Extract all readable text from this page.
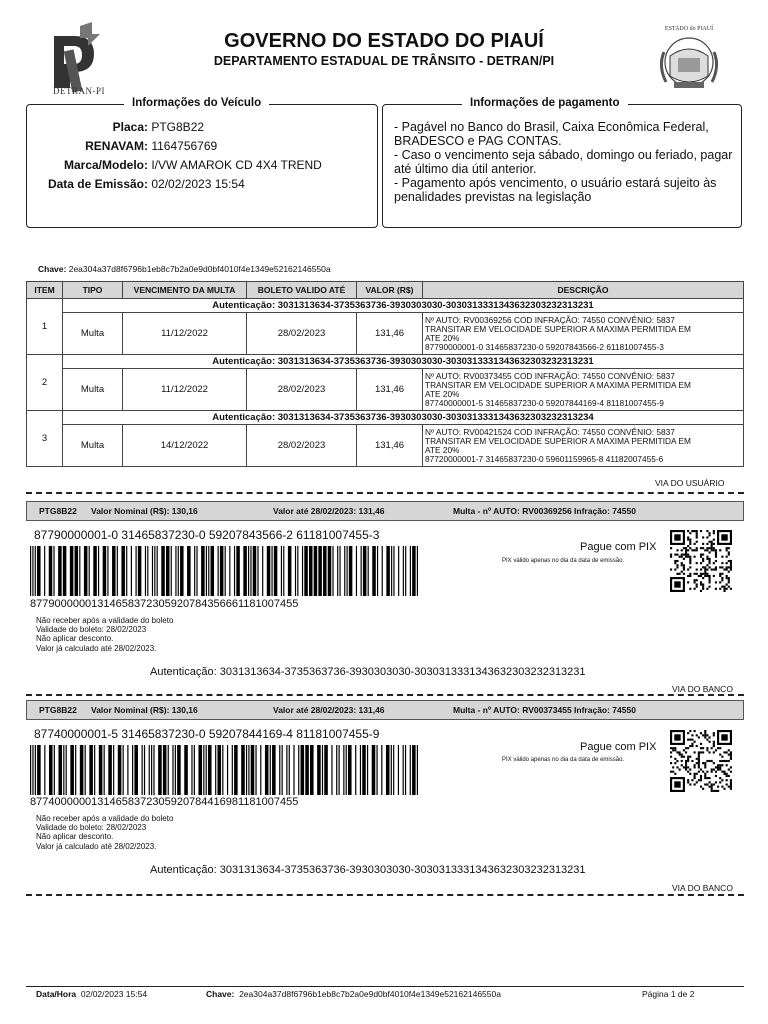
DETRAN-PI
GOVERNO DO ESTADO DO PIAUÍ
DEPARTAMENTO ESTADUAL DE TRÂNSITO - DETRAN/PI
ESTADO do PIAUÍ
Informações do Veículo
Placa: PTG8B22
RENAVAM: 1164756769
Marca/Modelo: I/VW AMAROK CD 4X4 TREND
Data de Emissão: 02/02/2023 15:54
Informações de pagamento
- Pagável no Banco do Brasil, Caixa Econômica Federal, BRADESCO e PAG CONTAS.
- Caso o vencimento seja sábado, domingo ou feriado, pagar até último dia útil anterior.
- Pagamento após vencimento, o usuário estará sujeito às penalidades previstas na legislação
Chave: 2ea304a37d8f6796b1eb8c7b2a0e9d0bf4010f4e1349e52162146550a
ITEM	TIPO	VENCIMENTO DA MULTA	BOLETO VALIDO ATÉ	VALOR (R$)	DESCRIÇÃO
1	Autenticação: 3031313634-3735363736-3930303030-3030313331343632303232313231				
	Multa	11/12/2022	28/02/2023	131,46	Nº AUTO: RV00369256 COD INFRAÇÃO: 74550 CONVÊNIO: 5837
TRANSITAR EM VELOCIDADE SUPERIOR A MAXIMA PERMITIDA EM
ATE 20%
87790000001-0 31465837230-0 59207843566-2 61181007455-3

2	Autenticação: 3031313634-3735363736-3930303030-3030313331343632303232313231				
	Multa	11/12/2022	28/02/2023	131,46	Nº AUTO: RV00373455 COD INFRAÇÃO: 74550 CONVÊNIO: 5837
TRANSITAR EM VELOCIDADE SUPERIOR A MAXIMA PERMITIDA EM
ATE 20%
87740000001-5 31465837230-0 59207844169-4 81181007455-9

3	Autenticação: 3031313634-3735363736-3930303030-3030313331343632303232313234				
	Multa	14/12/2022	28/02/2023	131,46	Nº AUTO: RV00421524 COD INFRAÇÃO: 74550 CONVÊNIO: 5837
TRANSITAR EM VELOCIDADE SUPERIOR A MAXIMA PERMITIDA EM
ATE 20%
87720000001-7 31465837230-0 59601159965-8 41182007455-6
VIA DO USUÁRIO
PTG8B22 Valor Nominal (R$): 130,16	Valor até 28/02/2023: 131,46	Multa - nº AUTO: RV00369256 Infração: 74550
87790000001-0 31465837230-0 59207843566-2 61181007455-3
877900000013146583723059207843566611810074​55
Pague com PIX
PIX válido apenas no dia da data de emissão.
Não receber após a validade do boleto
Validade do boleto: 28/02/2023
Não aplicar desconto.
Valor já calculado até 28/02/2023.
Autenticação: 3031313634-3735363736-3930303030-3030313331343632303232313231
VIA DO BANCO
PTG8B22 Valor Nominal (R$): 130,16	Valor até 28/02/2023: 131,46	Multa - nº AUTO: RV00373455 Infração: 74550
87740000001-5 31465837230-0 59207844169-4 81181007455-9
87740000001314658372305920784416981181007455
Pague com PIX
PIX válido apenas no dia da data de emissão.
Não receber após a validade do boleto
Validade do boleto: 28/02/2023
Não aplicar desconto.
Valor já calculado até 28/02/2023.
Autenticação: 3031313634-3735363736-3930303030-3030313331343632303232313231
VIA DO BANCO
Data/Hora 02/02/2023 15:54	Chave: 2ea304a37d8f6796b1eb8c7b2a0e9d0bf4010f4e1349e52162146550a	Página 1 de 2
